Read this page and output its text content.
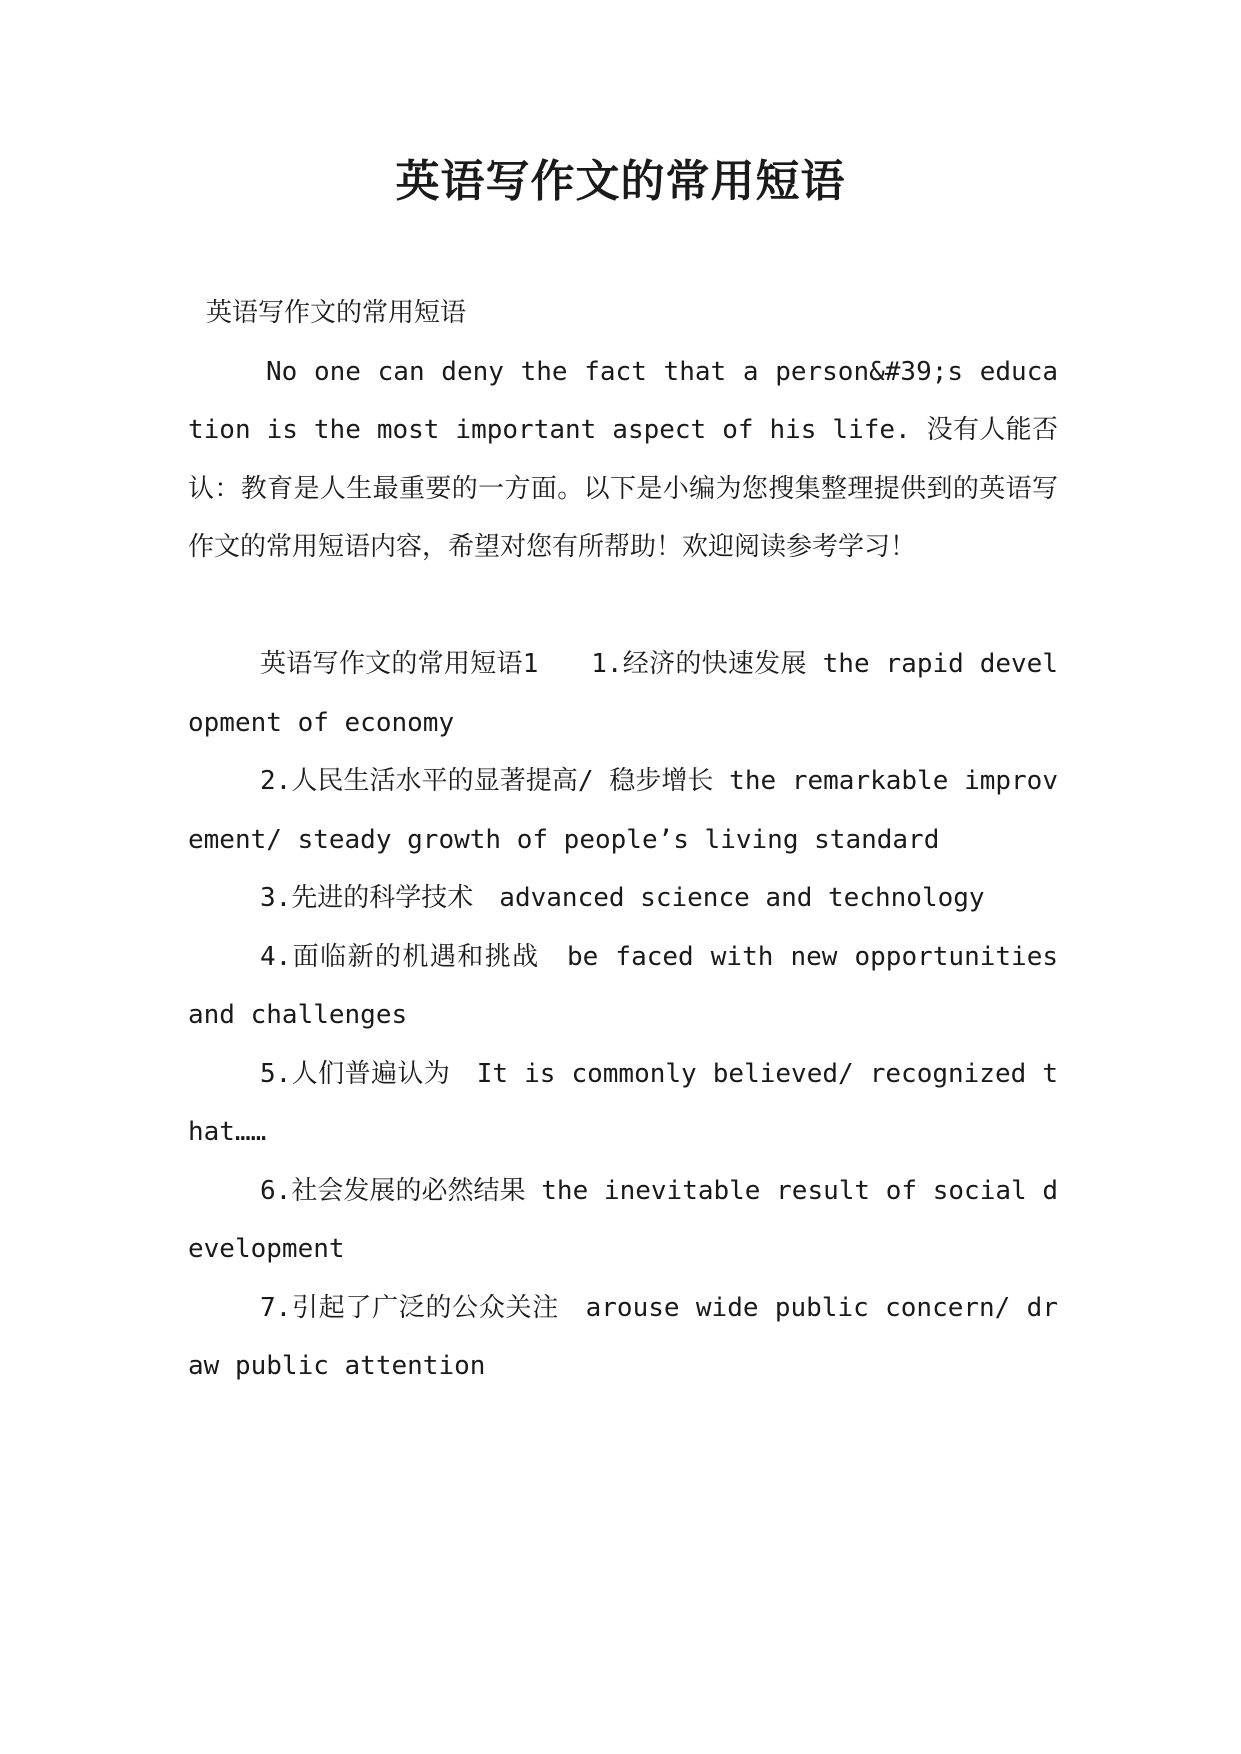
英语写作文的常用短语

英语写作文的常用短语

No one can deny the fact that a person&#39;s education is the most important aspect of his life. 没有人能否认：教育是人生最重要的一方面。以下是小编为您搜集整理提供到的英语写作文的常用短语内容，希望对您有所帮助！欢迎阅读参考学习！

英语写作文的常用短语1　　1.经济的快速发展 the rapid development of economy

2.人民生活水平的显著提高/ 稳步增长 the remarkable improvement/ steady growth of people’s living standard

3.先进的科学技术　advanced science and technology

4.面临新的机遇和挑战　be faced with new opportunities and challenges

5.人们普遍认为　It is commonly believed/ recognized that……

6.社会发展的必然结果 the inevitable result of social development

7.引起了广泛的公众关注　arouse wide public concern/ draw public attention
